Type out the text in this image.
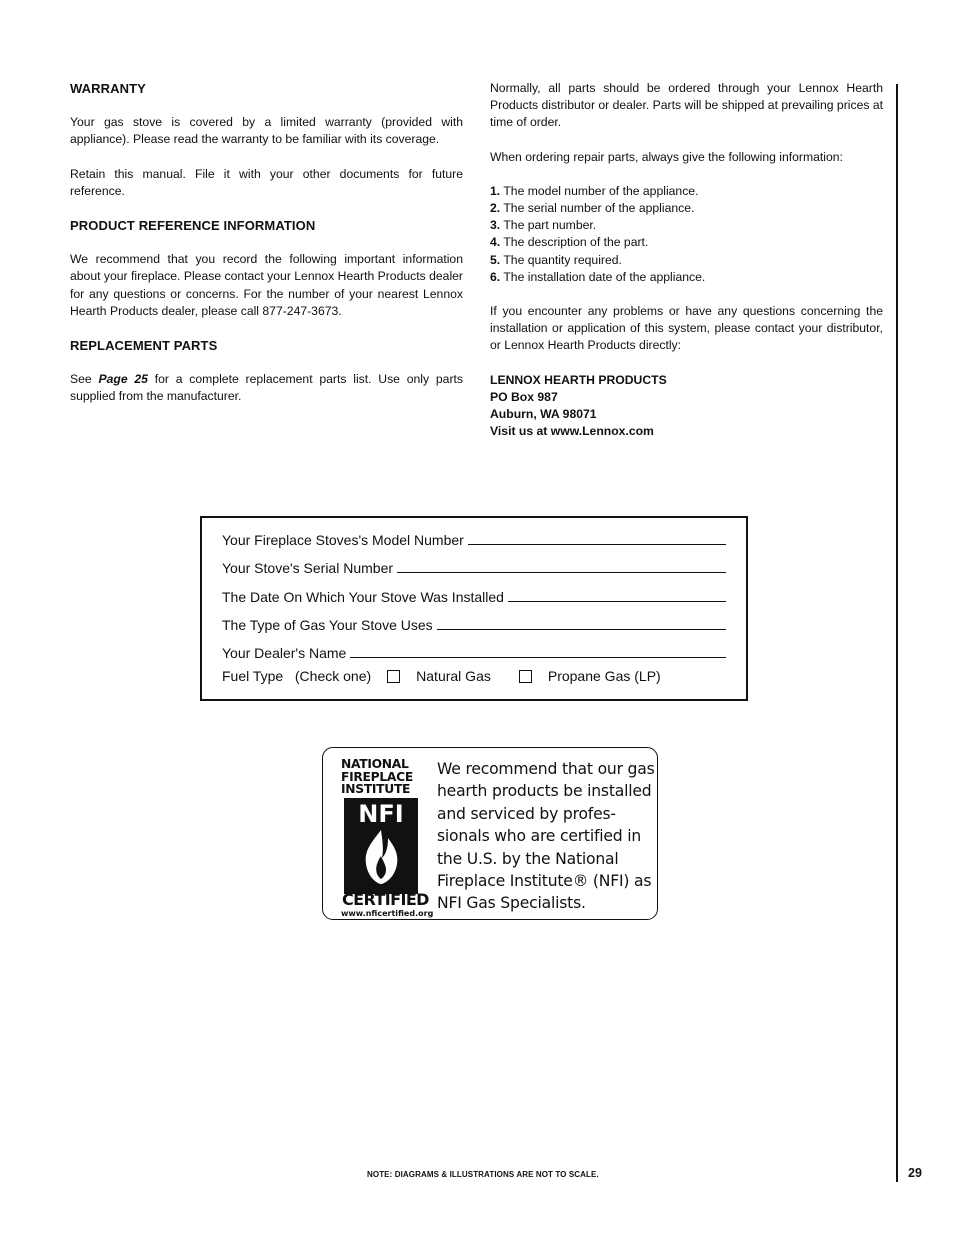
WARRANTY
Your gas stove is covered by a limited warranty (provided with appliance). Please read the warranty to be familiar with its coverage.
Retain this manual. File it with your other documents for future reference.
PRODUCT REFERENCE INFORMATION
We recommend that you record the following important information about your fireplace. Please contact your Lennox Hearth Products dealer for any questions or concerns. For the number of your nearest Lennox Hearth Products dealer, please call 877-247-3673.
REPLACEMENT PARTS
See Page 25 for a complete replacement parts list. Use only parts supplied from the manufacturer.
Normally, all parts should be ordered through your Lennox Hearth Products distributor or dealer. Parts will be shipped at prevailing prices at time of order.
When ordering repair parts, always give the following information:
1. The model number of the appliance.
2. The serial number of the appliance.
3. The part number.
4. The description of the part.
5. The quantity required.
6. The installation date of the appliance.
If you encounter any problems or have any questions concerning the installation or application of this system, please contact your distributor, or Lennox Hearth Products directly:
LENNOX HEARTH PRODUCTS
PO Box 987
Auburn, WA 98071
Visit us at www.Lennox.com
Your Fireplace Stoves's Model Number
Your Stove's Serial Number
The Date On Which Your Stove Was Installed
The Type of Gas Your Stove Uses
Your Dealer's Name
Fuel Type   (Check one)	Natural Gas	Propane Gas (LP)
NATIONAL
FIREPLACE
INSTITUTE
NFI
CERTIFIED
www.nficertified.org
We recommend that our gas
hearth products be installed
and serviced by profes-
sionals who are certified in
the U.S. by the National
Fireplace Institute® (NFI) as
NFI Gas Specialists.
NOTE: DIAGRAMS & ILLUSTRATIONS ARE NOT TO SCALE.	29
